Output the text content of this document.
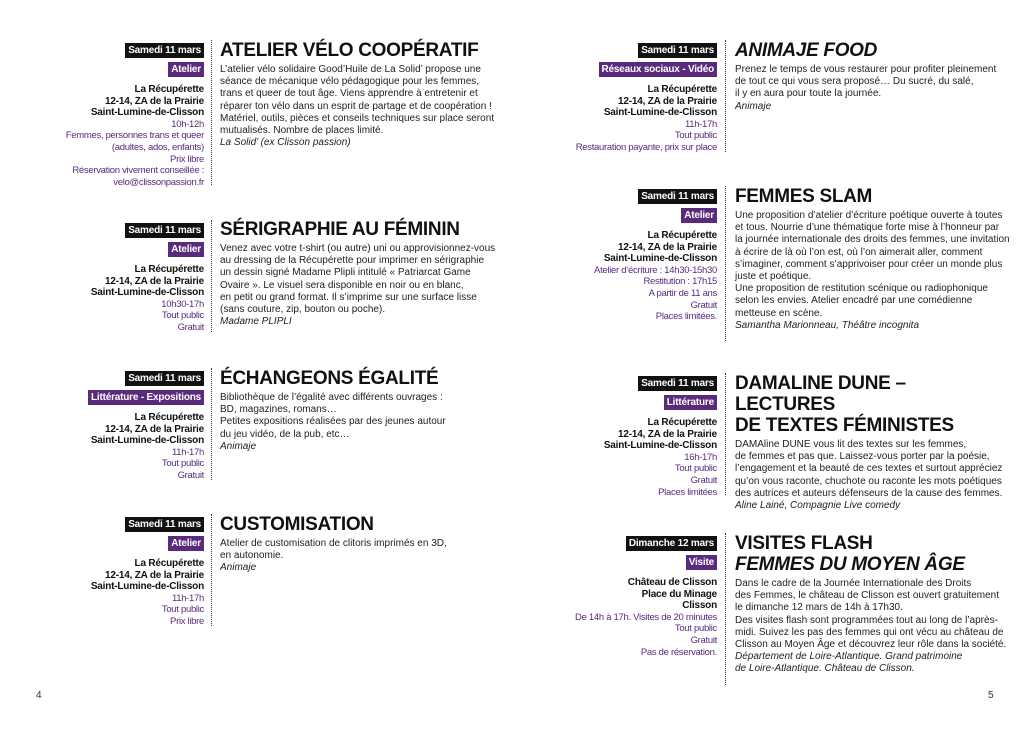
Samedi 11 mars
Atelier
La Récupérette
12-14, ZA de la Prairie
Saint-Lumine-de-Clisson
10h-12h
Femmes, personnes trans et queer
(adultes, ados, enfants)
Prix libre
Réservation vivement conseillée :
velo@clissonpassion.fr
ATELIER VÉLO COOPÉRATIF
L’atelier vélo solidaire Good’Huile de La Solid’ propose une
séance de mécanique vélo pédagogique pour les femmes,
trans et queer de tout âge. Viens apprendre à entretenir et
réparer ton vélo dans un esprit de partage et de coopération !
Matériel, outils, pièces et conseils techniques sur place seront
mutualisés. Nombre de places limité.
La Solid’ (ex Clisson passion)
Samedi 11 mars
Atelier
La Récupérette
12-14, ZA de la Prairie
Saint-Lumine-de-Clisson
10h30-17h
Tout public
Gratuit
SÉRIGRAPHIE AU FÉMININ
Venez avec votre t-shirt (ou autre) uni ou approvisionnez-vous
au dressing de la Récupérette pour imprimer en sérigraphie
un dessin signé Madame Plipli intitulé « Patriarcat Game
Ovaire ». Le visuel sera disponible en noir ou en blanc,
en petit ou grand format. Il s’imprime sur une surface lisse
(sans couture, zip, bouton ou poche).
Madame PLIPLI
Samedi 11 mars
Littérature - Expositions
La Récupérette
12-14, ZA de la Prairie
Saint-Lumine-de-Clisson
11h-17h
Tout public
Gratuit
ÉCHANGEONS ÉGALITÉ
Bibliothèque de l’égalité avec différents ouvrages :
BD, magazines, romans…
Petites expositions réalisées par des jeunes autour
du jeu vidéo, de la pub, etc…
Animaje
Samedi 11 mars
Atelier
La Récupérette
12-14, ZA de la Prairie
Saint-Lumine-de-Clisson
11h-17h
Tout public
Prix libre
CUSTOMISATION
Atelier de customisation de clitoris imprimés en 3D,
en autonomie.
Animaje
Samedi 11 mars
Réseaux sociaux - Vidéo
La Récupérette
12-14, ZA de la Prairie
Saint-Lumine-de-Clisson
11h-17h
Tout public
Restauration payante, prix sur place
ANIMAJE FOOD
Prenez le temps de vous restaurer pour profiter pleinement
de tout ce qui vous sera proposé… Du sucré, du salé,
il y en aura pour toute la journée.
Animaje
Samedi 11 mars
Atelier
La Récupérette
12-14, ZA de la Prairie
Saint-Lumine-de-Clisson
Atelier d’écriture : 14h30-15h30
Restitution : 17h15
A partir de 11 ans
Gratuit
Places limitées.
FEMMES SLAM
Une proposition d’atelier d’écriture poétique ouverte à toutes
et tous. Nourrie d’une thématique forte mise à l’honneur par
la journée internationale des droits des femmes, une invitation
à écrire de là où l’on est, où l’on aimerait aller, comment
s’imaginer, comment s’apprivoiser pour créer un monde plus
juste et poétique.
Une proposition de restitution scénique ou radiophonique
selon les envies. Atelier encadré par une comédienne
metteuse en scène.
Samantha Marionneau, Théâtre incognita
Samedi 11 mars
Littérature
La Récupérette
12-14, ZA de la Prairie
Saint-Lumine-de-Clisson
16h-17h
Tout public
Gratuit
Places limitées
DAMALINE DUNE – LECTURES
DE TEXTES FÉMINISTES
DAMAline DUNE vous lit des textes sur les femmes,
de femmes et pas que. Laissez-vous porter par la poésie,
l’engagement et la beauté de ces textes et surtout appréciez
qu’on vous raconte, chuchote ou raconte les mots poétiques
des autrices et auteurs défenseurs de la cause des femmes.
Aline Lainé, Compagnie Live comedy
Dimanche 12 mars
Visite
Château de Clisson
Place du Minage
Clisson
De 14h à 17h. Visites de 20 minutes
Tout public
Gratuit
Pas de réservation.
VISITES FLASH
FEMMES DU MOYEN ÂGE
Dans le cadre de la Journée Internationale des Droits
des Femmes, le château de Clisson est ouvert gratuitement
le dimanche 12 mars de 14h à 17h30.
Des visites flash sont programmées tout au long de l’après-
midi. Suivez les pas des femmes qui ont vécu au château de
Clisson au Moyen Âge et découvrez leur rôle dans la société.
Département de Loire-Atlantique. Grand patrimoine
de Loire-Atlantique. Château de Clisson.
4	5
